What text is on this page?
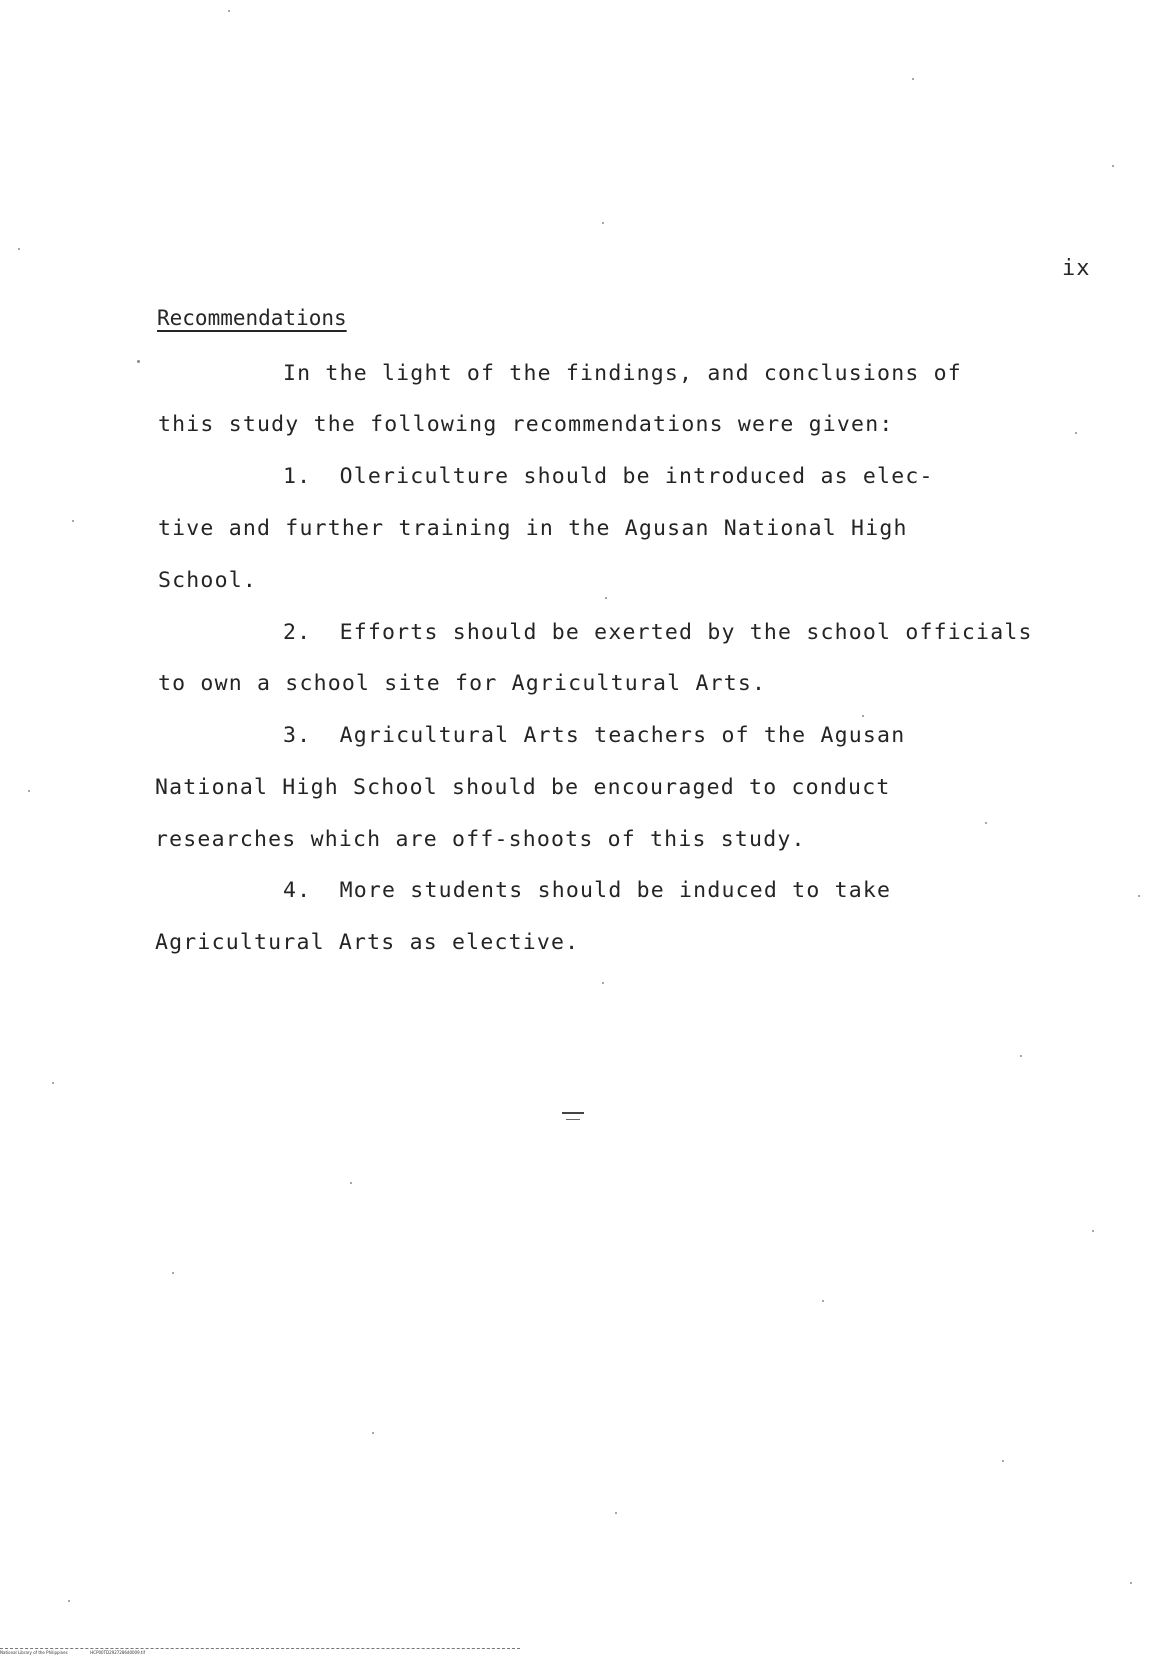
ix
Recommendations
In the light of the findings, and conclusions of
this study the following recommendations were given:
1.  Olericulture should be introduced as elec-
tive and further training in the Agusan National High
School.
2.  Efforts should be exerted by the school officials
to own a school site for Agricultural Arts.
3.  Agricultural Arts teachers of the Agusan
National High School should be encouraged to conduct
researches which are off-shoots of this study.
4.  More students should be induced to take
Agricultural Arts as elective.
National Library of the Philippines	HCP00TD2927286d0009.tif
